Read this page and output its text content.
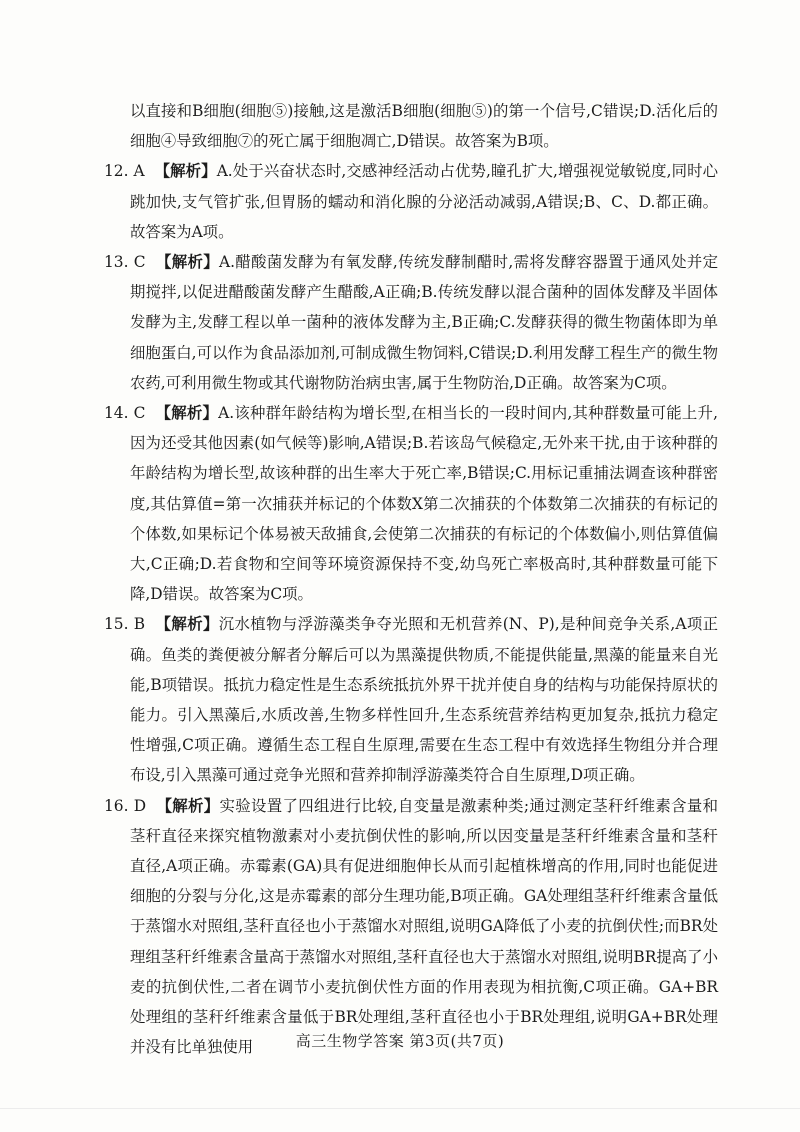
以直接和B细胞(细胞⑤)接触,这是激活B细胞(细胞⑤)的第一个信号,C错误;D.活化后的细胞④导致细胞⑦的死亡属于细胞凋亡,D错误。故答案为B项。

12. A 【解析】A.处于兴奋状态时,交感神经活动占优势,瞳孔扩大,增强视觉敏锐度,同时心跳加快,支气管扩张,但胃肠的蠕动和消化腺的分泌活动减弱,A错误;B、C、D.都正确。故答案为A项。

13. C 【解析】A.醋酸菌发酵为有氧发酵,传统发酵制醋时,需将发酵容器置于通风处并定期搅拌,以促进醋酸菌发酵产生醋酸,A正确;B.传统发酵以混合菌种的固体发酵及半固体发酵为主,发酵工程以单一菌种的液体发酵为主,B正确;C.发酵获得的微生物菌体即为单细胞蛋白,可以作为食品添加剂,可制成微生物饲料,C错误;D.利用发酵工程生产的微生物农药,可利用微生物或其代谢物防治病虫害,属于生物防治,D正确。故答案为C项。

14. C 【解析】A.该种群年龄结构为增长型,在相当长的一段时间内,其种群数量可能上升,因为还受其他因素(如气候等)影响,A错误;B.若该岛气候稳定,无外来干扰,由于该种群的年龄结构为增长型,故该种群的出生率大于死亡率,B错误;C.用标记重捕法调查该种群密度,其估算值=第一次捕获并标记的个体数X第二次捕获的个体数第二次捕获的有标记的个体数,如果标记个体易被天敌捕食,会使第二次捕获的有标记的个体数偏小,则估算值偏大,C正确;D.若食物和空间等环境资源保持不变,幼鸟死亡率极高时,其种群数量可能下降,D错误。故答案为C项。

15. B 【解析】沉水植物与浮游藻类争夺光照和无机营养(N、P),是种间竞争关系,A项正确。鱼类的粪便被分解者分解后可以为黑藻提供物质,不能提供能量,黑藻的能量来自光能,B项错误。抵抗力稳定性是生态系统抵抗外界干扰并使自身的结构与功能保持原状的能力。引入黑藻后,水质改善,生物多样性回升,生态系统营养结构更加复杂,抵抗力稳定性增强,C项正确。遵循生态工程自生原理,需要在生态工程中有效选择生物组分并合理布设,引入黑藻可通过竞争光照和营养抑制浮游藻类符合自生原理,D项正确。

16. D 【解析】实验设置了四组进行比较,自变量是激素种类;通过测定茎秆纤维素含量和茎秆直径来探究植物激素对小麦抗倒伏性的影响,所以因变量是茎秆纤维素含量和茎秆直径,A项正确。赤霉素(GA)具有促进细胞伸长从而引起植株增高的作用,同时也能促进细胞的分裂与分化,这是赤霉素的部分生理功能,B项正确。GA处理组茎秆纤维素含量低于蒸馏水对照组,茎秆直径也小于蒸馏水对照组,说明GA降低了小麦的抗倒伏性;而BR处理组茎秆纤维素含量高于蒸馏水对照组,茎秆直径也大于蒸馏水对照组,说明BR提高了小麦的抗倒伏性,二者在调节小麦抗倒伏性方面的作用表现为相抗衡,C项正确。GA+BR处理组的茎秆纤维素含量低于BR处理组,茎秆直径也小于BR处理组,说明GA+BR处理并没有比单独使用	高三生物学答案 第3页(共7页)
